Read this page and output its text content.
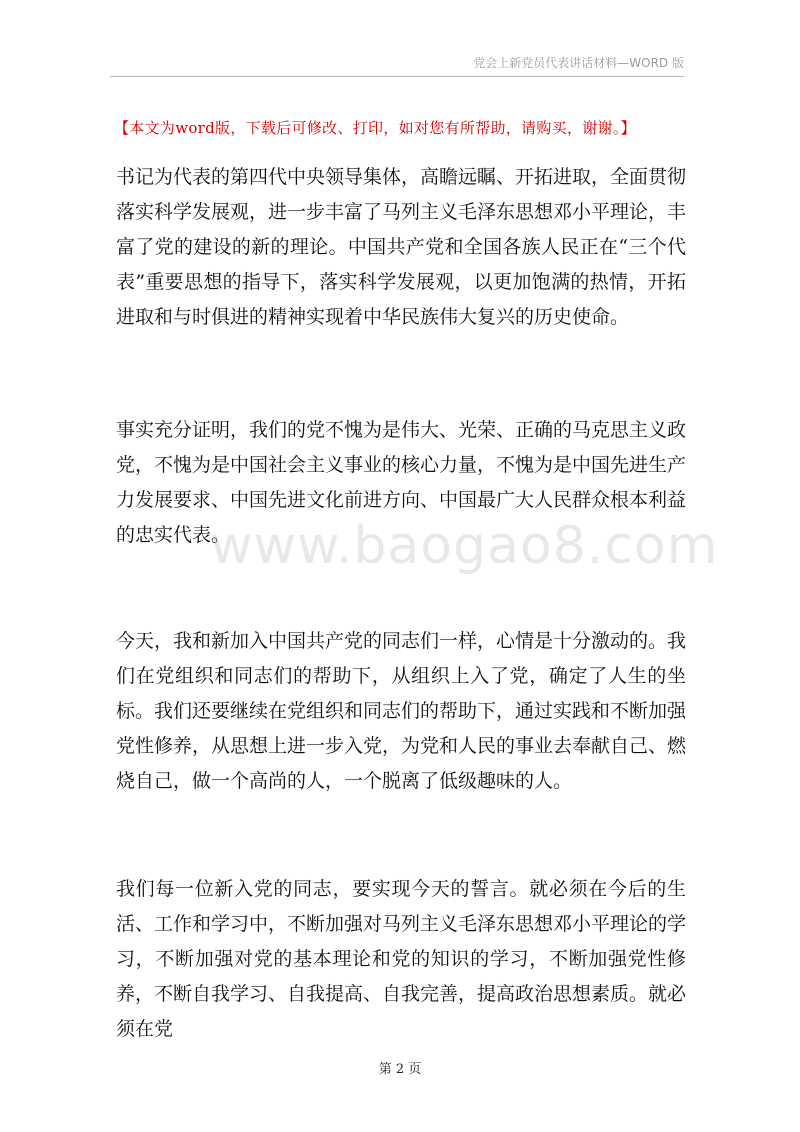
党会上新党员代表讲话材料—WORD 版
【本文为word版，下载后可修改、打印，如对您有所帮助，请购买，谢谢。】

书记为代表的第四代中央领导集体，高瞻远瞩、开拓进取，全面贯彻落实科学发展观，进一步丰富了马列主义毛泽东思想邓小平理论，丰富了党的建设的新的理论。中国共产党和全国各族人民正在“三个代表”重要思想的指导下，落实科学发展观，以更加饱满的热情，开拓进取和与时俱进的精神实现着中华民族伟大复兴的历史使命。

事实充分证明，我们的党不愧为是伟大、光荣、正确的马克思主义政党，不愧为是中国社会主义事业的核心力量，不愧为是中国先进生产力发展要求、中国先进文化前进方向、中国最广大人民群众根本利益的忠实代表。

今天，我和新加入中国共产党的同志们一样，心情是十分激动的。我们在党组织和同志们的帮助下，从组织上入了党，确定了人生的坐标。我们还要继续在党组织和同志们的帮助下，通过实践和不断加强党性修养，从思想上进一步入党，为党和人民的事业去奉献自己、燃烧自己，做一个高尚的人，一个脱离了低级趣味的人。

我们每一位新入党的同志，要实现今天的誓言。就必须在今后的生活、工作和学习中，不断加强对马列主义毛泽东思想邓小平理论的学习，不断加强对党的基本理论和党的知识的学习，不断加强党性修养，不断自我学习、自我提高、自我完善，提高政治思想素质。就必须在党

www.baogao8.com
第 2 页
